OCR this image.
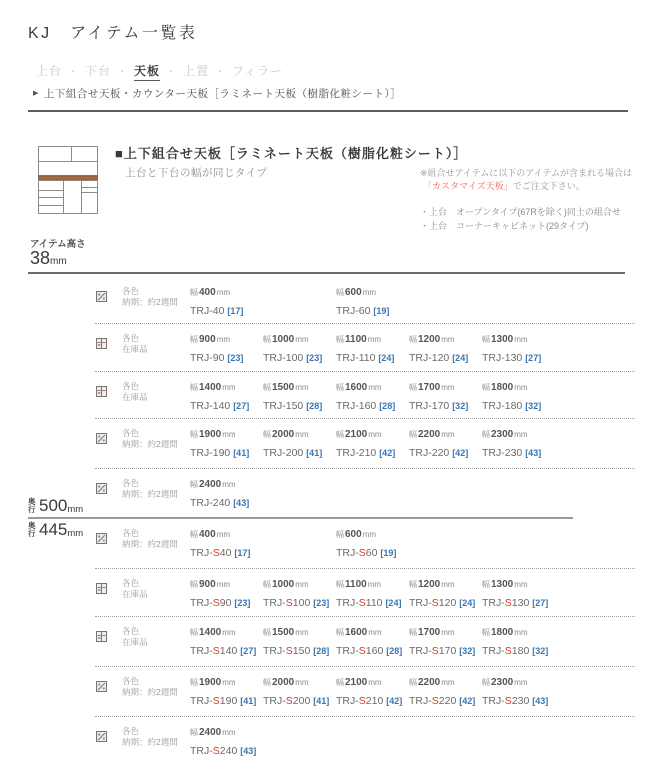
KJ　アイテム一覧表
上台 ・ 下台 ・ 天板 ・ 上置 ・ フィラー
▶ 上下組合せ天板・カウンター天板［ラミネート天板（樹脂化粧シート）］
■上下組合せ天板［ラミネート天板（樹脂化粧シート）］
上台と下台の幅が同じタイプ	※組合せアイテムに以下のアイテムが含まれる場合は
「カスタマイズ天板」でご注文下さい。
・上台　オープンタイプ(67Rを除く)同士の組合せ
・上台　コーナーキャビネット(29タイプ)
アイテム高さ
38mm
奥行 500 mm
奥行 445 mm
各色
納期：約2週間
幅400mm
TRJ-40 [17]
幅600mm
TRJ-60 [19]
各色
在庫品
幅900mm
TRJ-90 [23]
幅1000mm
TRJ-100 [23]
幅1100mm
TRJ-110 [24]
幅1200mm
TRJ-120 [24]
幅1300mm
TRJ-130 [27]
各色
在庫品
幅1400mm
TRJ-140 [27]
幅1500mm
TRJ-150 [28]
幅1600mm
TRJ-160 [28]
幅1700mm
TRJ-170 [32]
幅1800mm
TRJ-180 [32]
各色
納期：約2週間
幅1900mm
TRJ-190 [41]
幅2000mm
TRJ-200 [41]
幅2100mm
TRJ-210 [42]
幅2200mm
TRJ-220 [42]
幅2300mm
TRJ-230 [43]
各色
納期：約2週間
幅2400mm
TRJ-240 [43]
各色
納期：約2週間
幅400mm
TRJ-S40 [17]
幅600mm
TRJ-S60 [19]
各色
在庫品
幅900mm
TRJ-S90 [23]
幅1000mm
TRJ-S100 [23]
幅1100mm
TRJ-S110 [24]
幅1200mm
TRJ-S120 [24]
幅1300mm
TRJ-S130 [27]
各色
在庫品
幅1400mm
TRJ-S140 [27]
幅1500mm
TRJ-S150 [28]
幅1600mm
TRJ-S160 [28]
幅1700mm
TRJ-S170 [32]
幅1800mm
TRJ-S180 [32]
各色
納期：約2週間
幅1900mm
TRJ-S190 [41]
幅2000mm
TRJ-S200 [41]
幅2100mm
TRJ-S210 [42]
幅2200mm
TRJ-S220 [42]
幅2300mm
TRJ-S230 [43]
各色
納期：約2週間
幅2400mm
TRJ-S240 [43]
